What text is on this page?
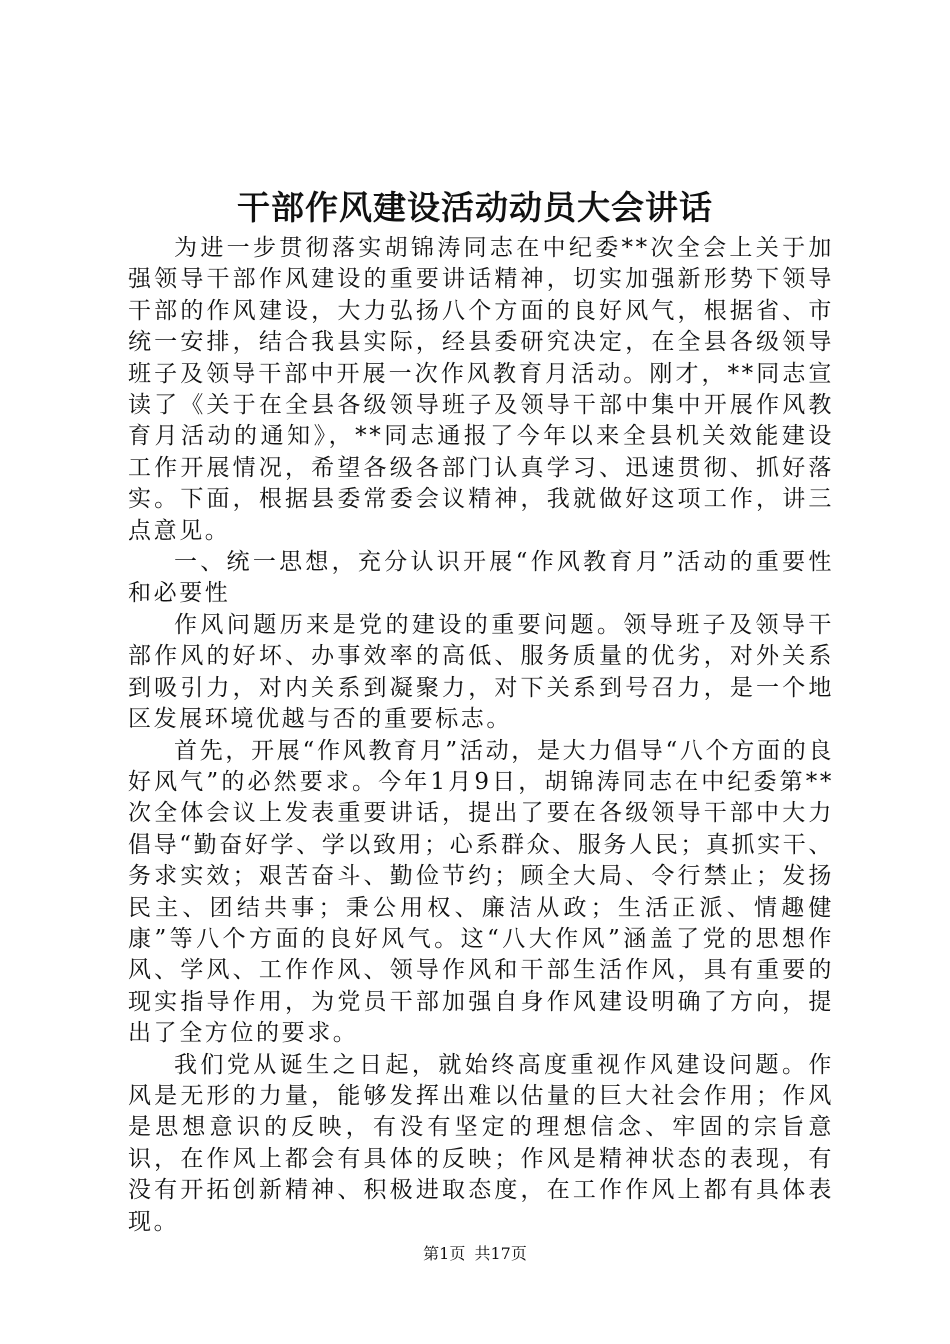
干部作风建设活动动员大会讲话

为进一步贯彻落实胡锦涛同志在中纪委**次全会上关于加强领导干部作风建设的重要讲话精神，切实加强新形势下领导干部的作风建设，大力弘扬八个方面的良好风气，根据省、市统一安排，结合我县实际，经县委研究决定，在全县各级领导班子及领导干部中开展一次作风教育月活动。刚才，**同志宣读了《关于在全县各级领导班子及领导干部中集中开展作风教育月活动的通知》，**同志通报了今年以来全县机关效能建设工作开展情况，希望各级各部门认真学习、迅速贯彻、抓好落实。下面，根据县委常委会议精神，我就做好这项工作，讲三点意见。

一、统一思想，充分认识开展“作风教育月”活动的重要性和必要性

作风问题历来是党的建设的重要问题。领导班子及领导干部作风的好坏、办事效率的高低、服务质量的优劣，对外关系到吸引力，对内关系到凝聚力，对下关系到号召力，是一个地区发展环境优越与否的重要标志。

首先，开展“作风教育月”活动，是大力倡导“八个方面的良好风气”的必然要求。今年1月9日，胡锦涛同志在中纪委第**次全体会议上发表重要讲话，提出了要在各级领导干部中大力倡导“勤奋好学、学以致用；心系群众、服务人民；真抓实干、务求实效；艰苦奋斗、勤俭节约；顾全大局、令行禁止；发扬民主、团结共事；秉公用权、廉洁从政；生活正派、情趣健康”等八个方面的良好风气。这“八大作风”涵盖了党的思想作风、学风、工作作风、领导作风和干部生活作风，具有重要的现实指导作用，为党员干部加强自身作风建设明确了方向，提出了全方位的要求。

我们党从诞生之日起，就始终高度重视作风建设问题。作风是无形的力量，能够发挥出难以估量的巨大社会作用；作风是思想意识的反映，有没有坚定的理想信念、牢固的宗旨意识，在作风上都会有具体的反映；作风是精神状态的表现，有没有开拓创新精神、积极进取态度，在工作作风上都有具体表现。

第1页 共17页
